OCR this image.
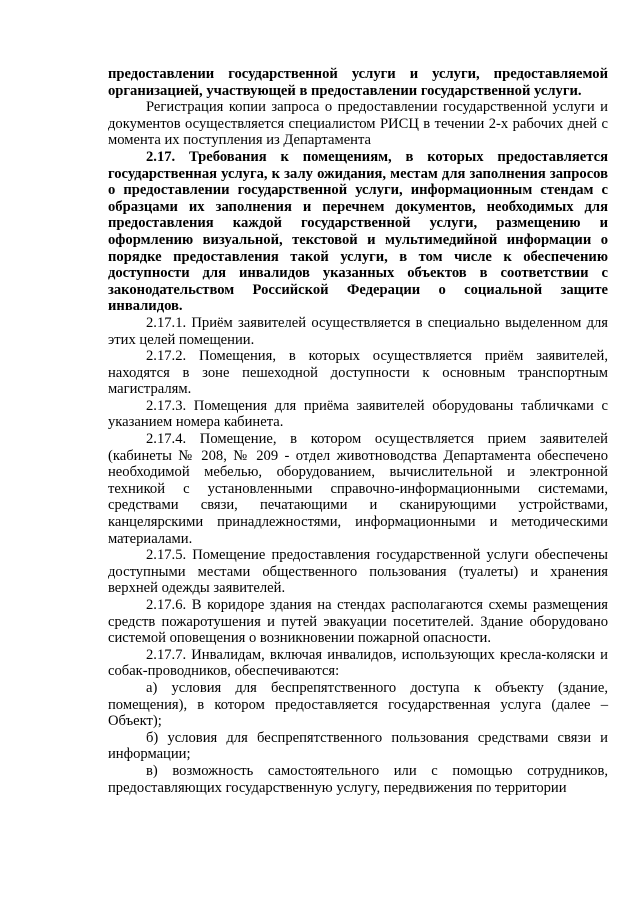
предоставлении государственной услуги и услуги, предоставляемой организацией, участвующей в предоставлении государственной услуги.

Регистрация копии запроса о предоставлении государственной услуги и документов осуществляется специалистом РИСЦ в течении 2-х рабочих дней с момента их поступления из Департамента

2.17. Требования к помещениям, в которых предоставляется государственная услуга, к залу ожидания, местам для заполнения запросов о предоставлении государственной услуги, информационным стендам с образцами их заполнения и перечнем документов, необходимых для предоставления каждой государственной услуги, размещению и оформлению визуальной, текстовой и мультимедийной информации о порядке предоставления такой услуги, в том числе к обеспечению доступности для инвалидов указанных объектов в соответствии с законодательством Российской Федерации о социальной защите инвалидов.

2.17.1. Приём заявителей осуществляется в специально выделенном для этих целей помещении.

2.17.2. Помещения, в которых осуществляется приём заявителей, находятся в зоне пешеходной доступности к основным транспортным магистралям.

2.17.3. Помещения для приёма заявителей оборудованы табличками с указанием номера кабинета.

2.17.4. Помещение, в котором осуществляется прием заявителей (кабинеты № 208, № 209 - отдел животноводства Департамента обеспечено необходимой мебелью, оборудованием, вычислительной и электронной техникой с установленными справочно-информационными системами, средствами связи, печатающими и сканирующими устройствами, канцелярскими принадлежностями, информационными и методическими материалами.

2.17.5. Помещение предоставления государственной услуги обеспечены доступными местами общественного пользования (туалеты) и хранения верхней одежды заявителей.

2.17.6. В коридоре здания на стендах располагаются схемы размещения средств пожаротушения и путей эвакуации посетителей. Здание оборудовано системой оповещения о возникновении пожарной опасности.

2.17.7. Инвалидам, включая инвалидов, использующих кресла-коляски и собак-проводников, обеспечиваются:

а) условия для беспрепятственного доступа к объекту (здание, помещения), в котором предоставляется государственная услуга (далее – Объект);

б) условия для беспрепятственного пользования средствами связи и информации;

в) возможность самостоятельного или с помощью сотрудников, предоставляющих государственную услугу, передвижения по территории
